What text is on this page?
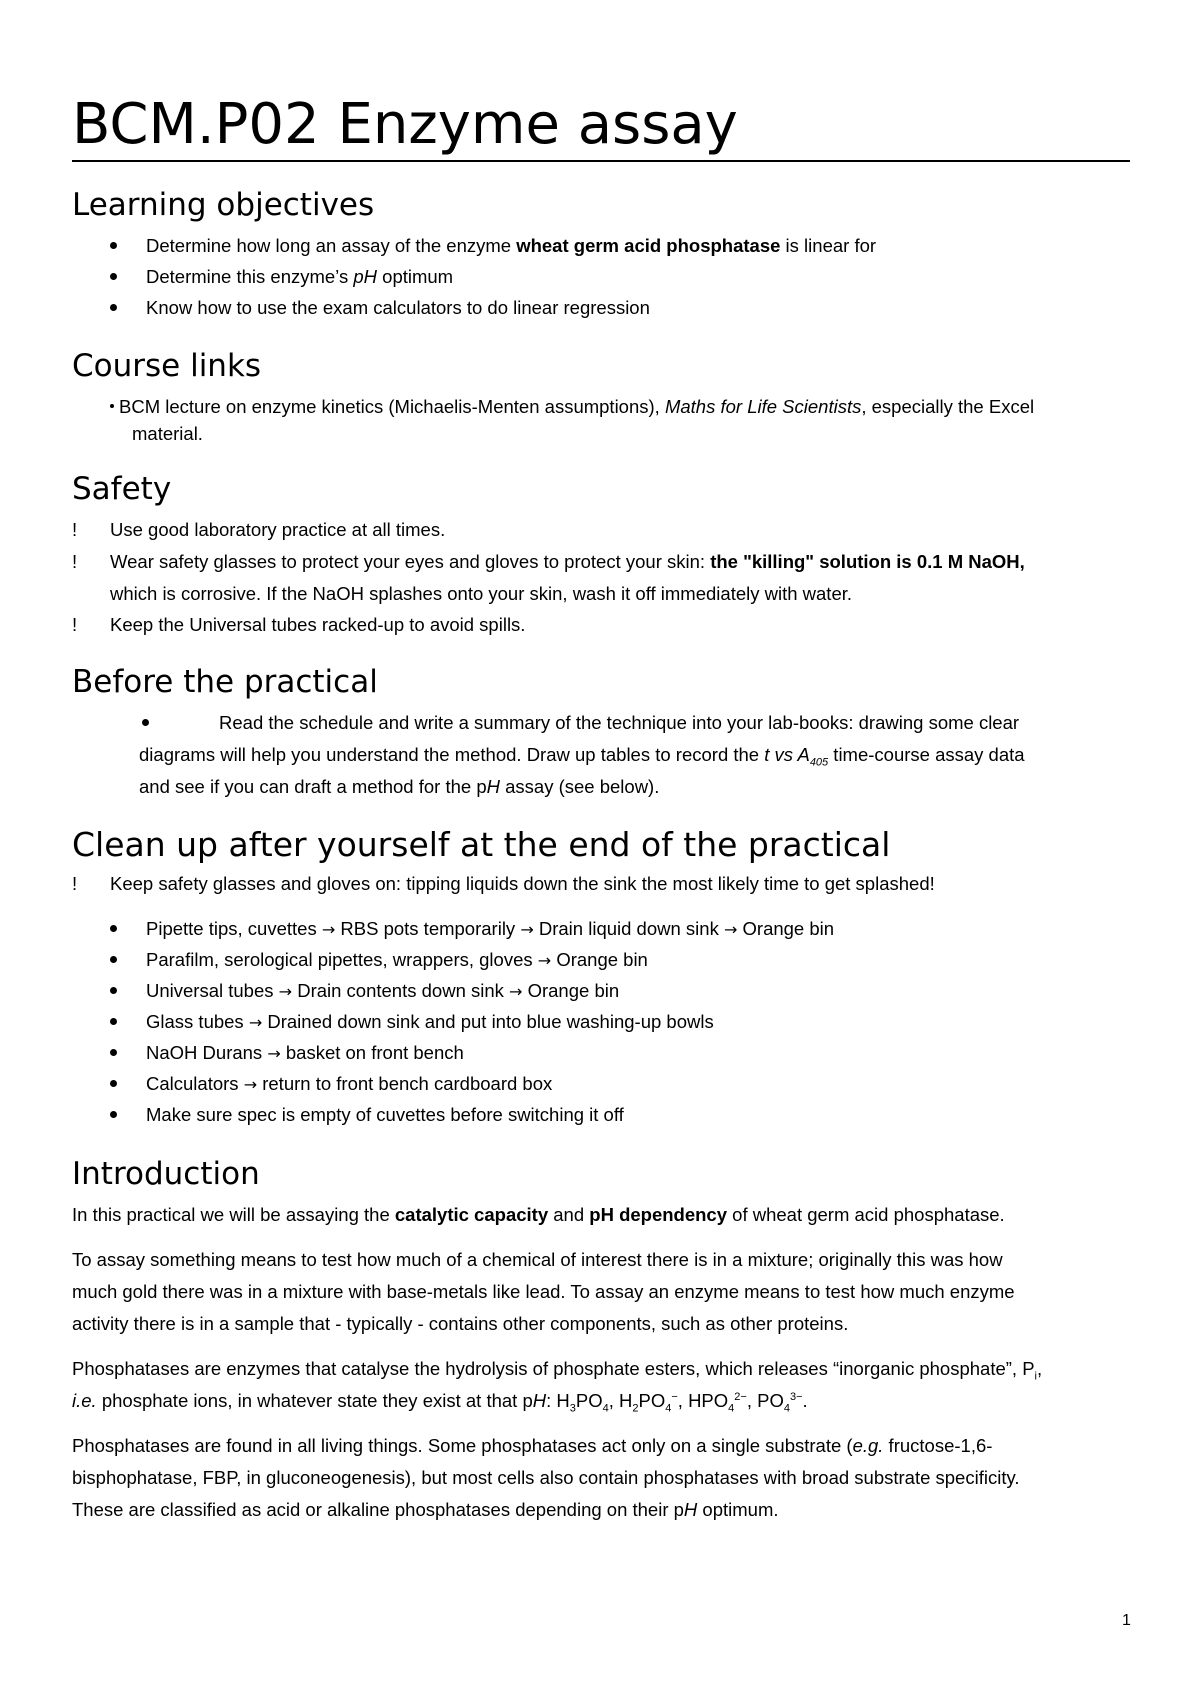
BCM.P02 Enzyme assay
Learning objectives
Determine how long an assay of the enzyme wheat germ acid phosphatase is linear for
Determine this enzyme’s pH optimum
Know how to use the exam calculators to do linear regression
Course links
BCM lecture on enzyme kinetics (Michaelis-Menten assumptions), Maths for Life Scientists, especially the Excel
material.
Safety
! Use good laboratory practice at all times.
! Wear safety glasses to protect your eyes and gloves to protect your skin: the "killing" solution is 0.1 M NaOH,
which is corrosive. If the NaOH splashes onto your skin, wash it off immediately with water.
! Keep the Universal tubes racked-up to avoid spills.
Before the practical
Read the schedule and write a summary of the technique into your lab-books: drawing some clear
diagrams will help you understand the method. Draw up tables to record the t vs $A_{405}$ time-course assay data
and see if you can draft a method for the pH assay (see below).
Clean up after yourself at the end of the practical
! Keep safety glasses and gloves on: tipping liquids down the sink the most likely time to get splashed!
Pipette tips, cuvettes → RBS pots temporarily → Drain liquid down sink → Orange bin
Parafilm, serological pipettes, wrappers, gloves → Orange bin
Universal tubes → Drain contents down sink → Orange bin
Glass tubes → Drained down sink and put into blue washing-up bowls
NaOH Durans → basket on front bench
Calculators → return to front bench cardboard box
Make sure spec is empty of cuvettes before switching it off
Introduction
In this practical we will be assaying the catalytic capacity and pH dependency of wheat germ acid phosphatase.
To assay something means to test how much of a chemical of interest there is in a mixture; originally this was how
much gold there was in a mixture with base-metals like lead. To assay an enzyme means to test how much enzyme
activity there is in a sample that - typically - contains other components, such as other proteins.
Phosphatases are enzymes that catalyse the hydrolysis of phosphate esters, which releases “inorganic phosphate”, $P_i$,
i.e. phosphate ions, in whatever state they exist at that pH: $H_3PO_4$, $H_2PO_4^-$, $HPO_4^{2-}$, $PO_4^{3-}$.
Phosphatases are found in all living things. Some phosphatases act only on a single substrate (e.g. fructose-1,6-
bisphophatase, FBP, in gluconeogenesis), but most cells also contain phosphatases with broad substrate specificity.
These are classified as acid or alkaline phosphatases depending on their pH optimum.
1
